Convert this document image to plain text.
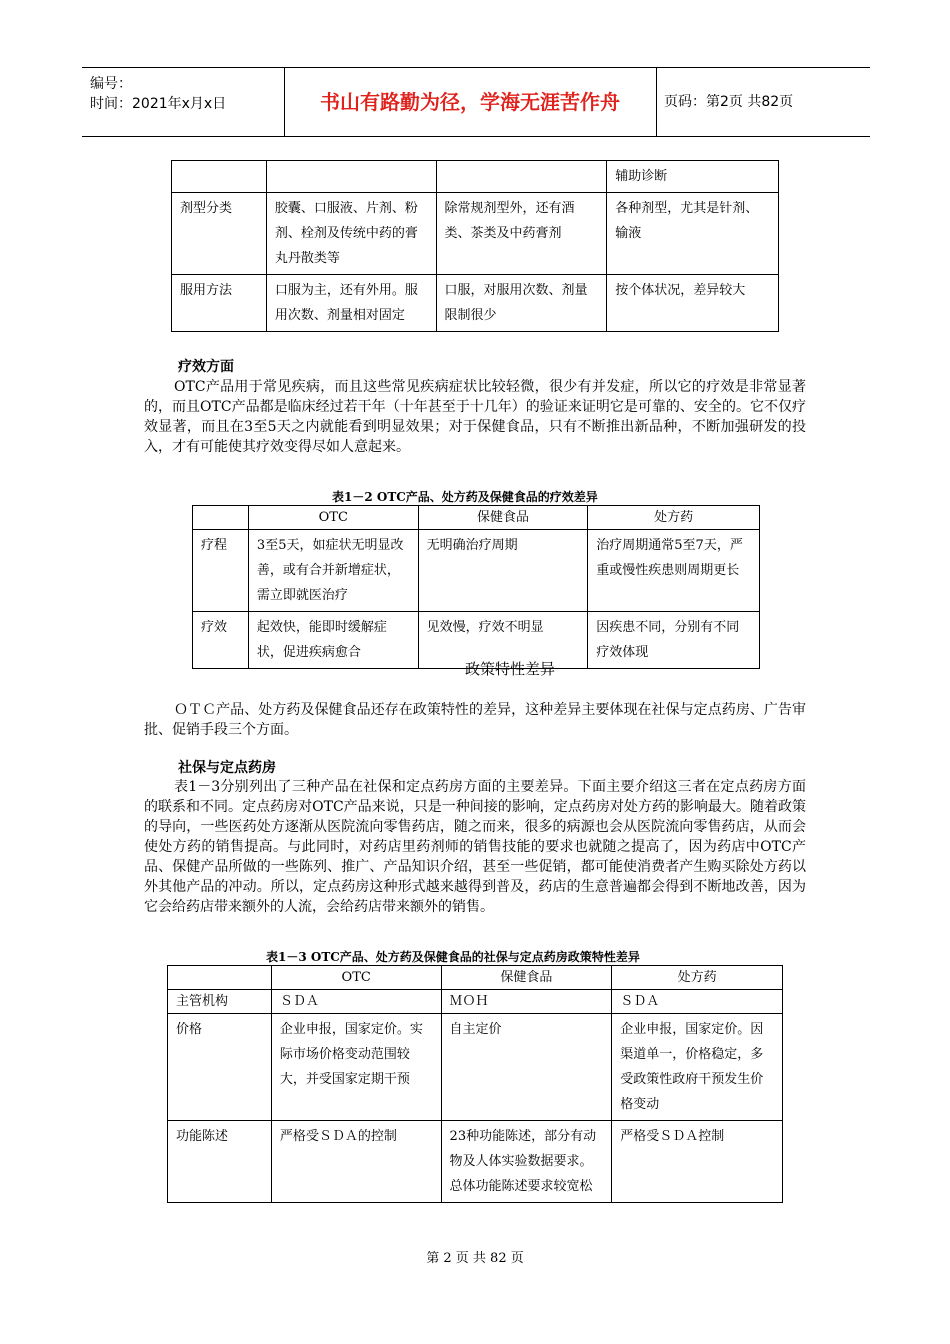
编号：
时间：2021年x月x日	书山有路勤为径，学海无涯苦作舟	页码：第2页 共82页
			辅助诊断
剂型分类	胶囊、口服液、片剂、粉剂、栓剂及传统中药的膏丸丹散类等	除常规剂型外，还有酒类、茶类及中药膏剂	各种剂型，尤其是针剂、输液
服用方法	口服为主，还有外用。服用次数、剂量相对固定	口服，对服用次数、剂量限制很少	按个体状况，差异较大
疗效方面
OTC产品用于常见疾病，而且这些常见疾病症状比较轻微，很少有并发症，所以它的疗效是非常显著的，而且OTC产品都是临床经过若干年（十年甚至于十几年）的验证来证明它是可靠的、安全的。它不仅疗效显著，而且在3至5天之内就能看到明显效果；对于保健食品，只有不断推出新品种，不断加强研发的投入，才有可能使其疗效变得尽如人意起来。
表1－2 OTC产品、处方药及保健食品的疗效差异
	OTC	保健食品	处方药
疗程	3至5天，如症状无明显改善，或有合并新增症状，需立即就医治疗	无明确治疗周期	治疗周期通常5至7天，严重或慢性疾患则周期更长
疗效	起效快，能即时缓解症状，促进疾病愈合	见效慢，疗效不明显	因疾患不同，分别有不同疗效体现
政策特性差异
ＯＴＣ产品、处方药及保健食品还存在政策特性的差异，这种差异主要体现在社保与定点药房、广告审批、促销手段三个方面。
社保与定点药房
表1－3分别列出了三种产品在社保和定点药房方面的主要差异。下面主要介绍这三者在定点药房方面的联系和不同。定点药房对OTC产品来说，只是一种间接的影响，定点药房对处方药的影响最大。随着政策的导向，一些医药处方逐渐从医院流向零售药店，随之而来，很多的病源也会从医院流向零售药店，从而会使处方药的销售提高。与此同时，对药店里药剂师的销售技能的要求也就随之提高了，因为药店中OTC产品、保健产品所做的一些陈列、推广、产品知识介绍，甚至一些促销，都可能使消费者产生购买除处方药以外其他产品的冲动。所以，定点药房这种形式越来越得到普及，药店的生意普遍都会得到不断地改善，因为它会给药店带来额外的人流，会给药店带来额外的销售。
表1－3 OTC产品、处方药及保健食品的社保与定点药房政策特性差异
	OTC	保健食品	处方药
主管机构	ＳＤＡ	ＭＯＨ	ＳＤＡ
价格	企业申报，国家定价。实际市场价格变动范围较大，并受国家定期干预	自主定价	企业申报，国家定价。因渠道单一，价格稳定，多受政策性政府干预发生价格变动
功能陈述	严格受ＳＤＡ的控制	23种功能陈述，部分有动物及人体实验数据要求。总体功能陈述要求较宽松	严格受ＳＤＡ控制
第 2 页 共 82 页
